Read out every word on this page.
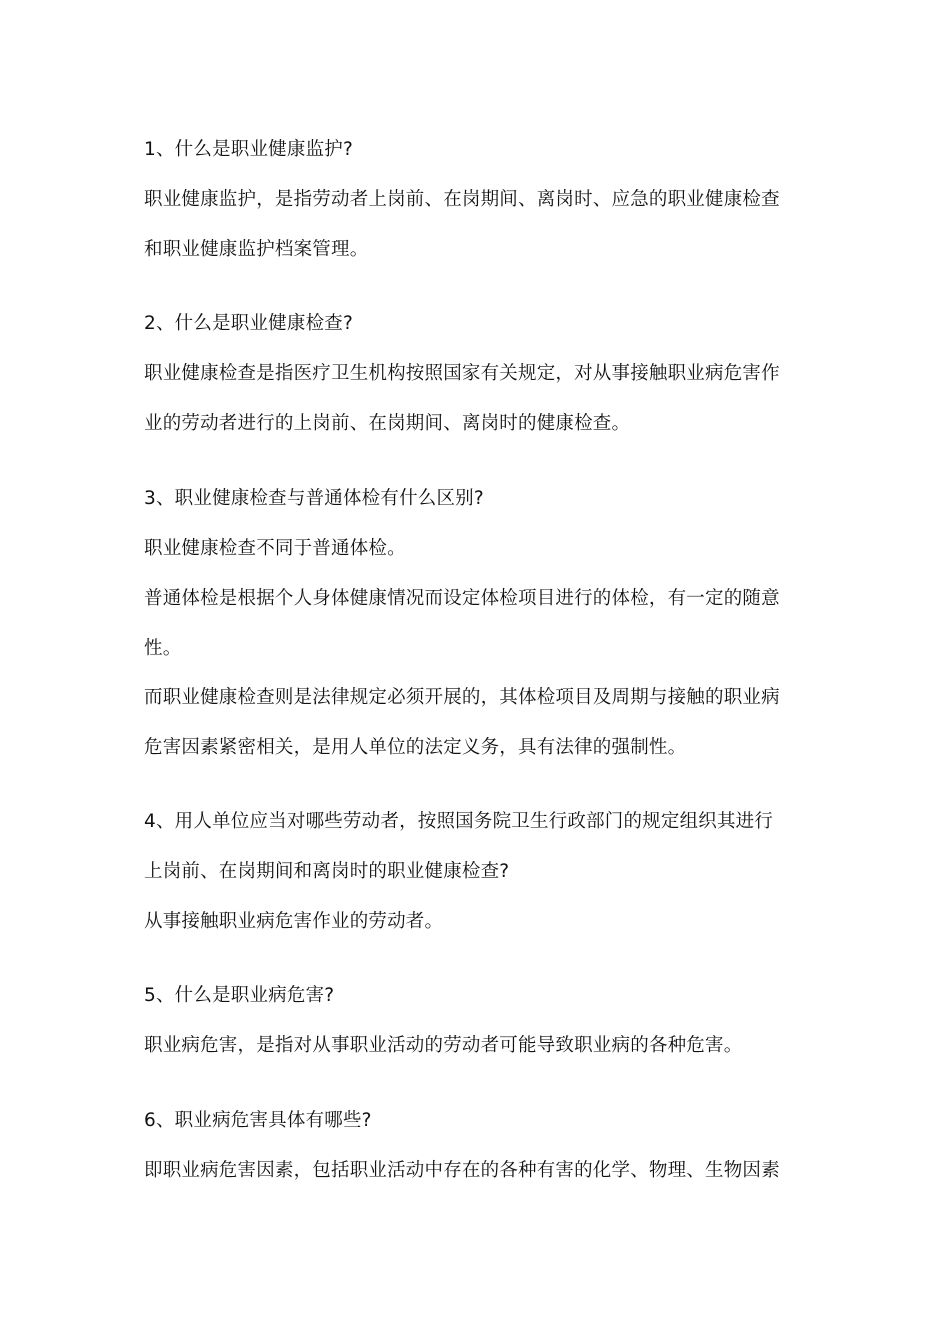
1、什么是职业健康监护?
职业健康监护，是指劳动者上岗前、在岗期间、离岗时、应急的职业健康检查
和职业健康监护档案管理。
2、什么是职业健康检查?
职业健康检查是指医疗卫生机构按照国家有关规定，对从事接触职业病危害作
业的劳动者进行的上岗前、在岗期间、离岗时的健康检查。
3、职业健康检查与普通体检有什么区别?
职业健康检查不同于普通体检。
普通体检是根据个人身体健康情况而设定体检项目进行的体检，有一定的随意
性。
而职业健康检查则是法律规定必须开展的，其体检项目及周期与接触的职业病
危害因素紧密相关，是用人单位的法定义务，具有法律的强制性。
4、用人单位应当对哪些劳动者，按照国务院卫生行政部门的规定组织其进行
上岗前、在岗期间和离岗时的职业健康检查?
从事接触职业病危害作业的劳动者。
5、什么是职业病危害?
职业病危害，是指对从事职业活动的劳动者可能导致职业病的各种危害。
6、职业病危害具体有哪些?
即职业病危害因素，包括职业活动中存在的各种有害的化学、物理、生物因素
